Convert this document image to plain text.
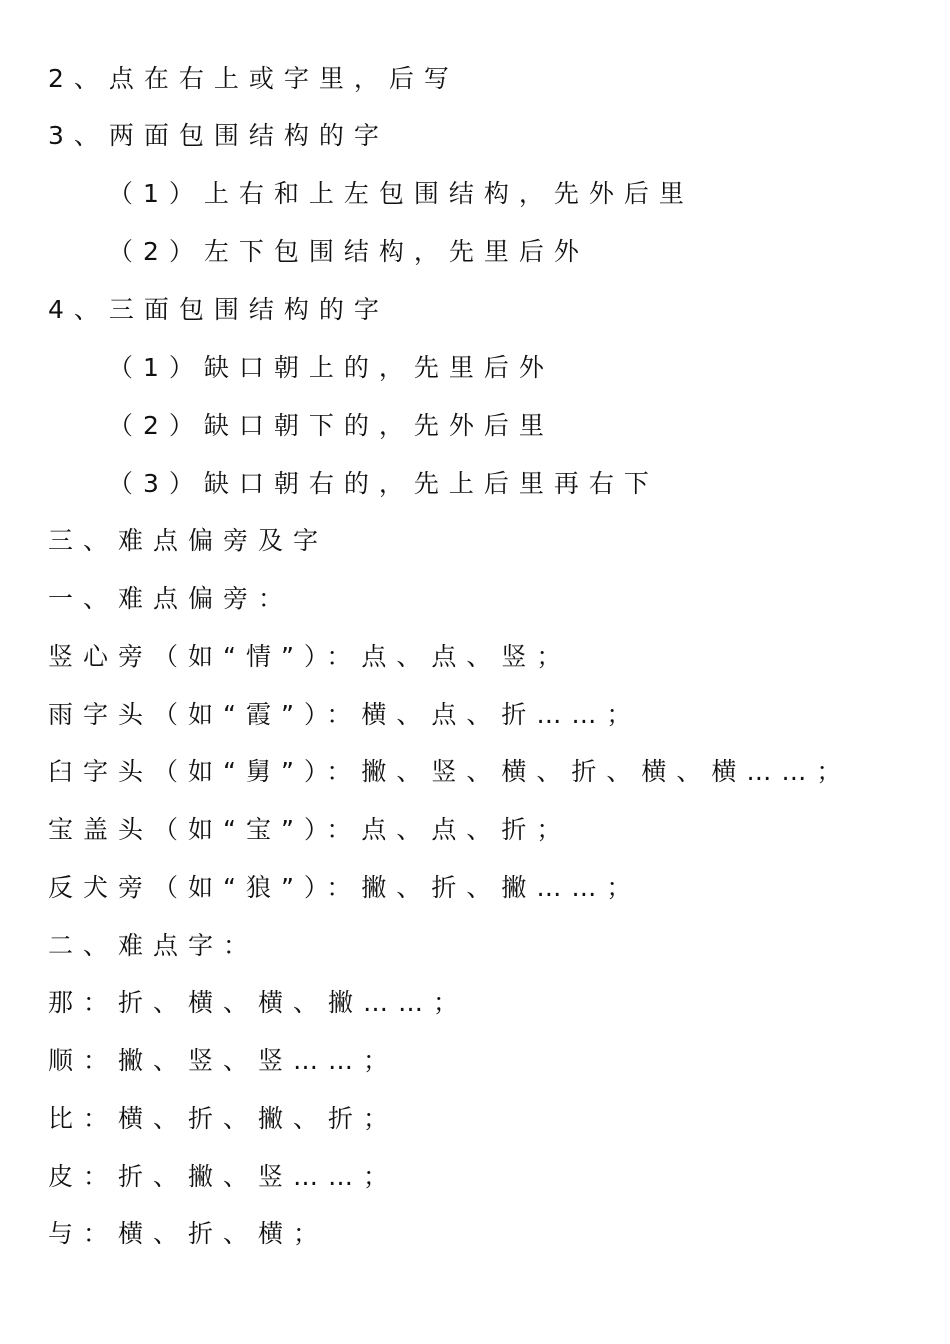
2、点在右上或字里，后写
3、两面包围结构的字
（1）上右和上左包围结构，先外后里
（2）左下包围结构，先里后外
4、三面包围结构的字
（1）缺口朝上的，先里后外
（2）缺口朝下的，先外后里
（3）缺口朝右的，先上后里再右下
三、难点偏旁及字
一、难点偏旁：
竖心旁（如“情”）：点、点、竖；
雨字头（如“霞”）：横、点、折……；
臼字头（如“舅”）：撇、竖、横、折、横、横……；
宝盖头（如“宝”）：点、点、折；
反犬旁（如“狼”）：撇、折、撇……；
二、难点字：
那：折、横、横、撇……；
顺：撇、竖、竖……；
比：横、折、撇、折；
皮：折、撇、竖……；
与：横、折、横；
